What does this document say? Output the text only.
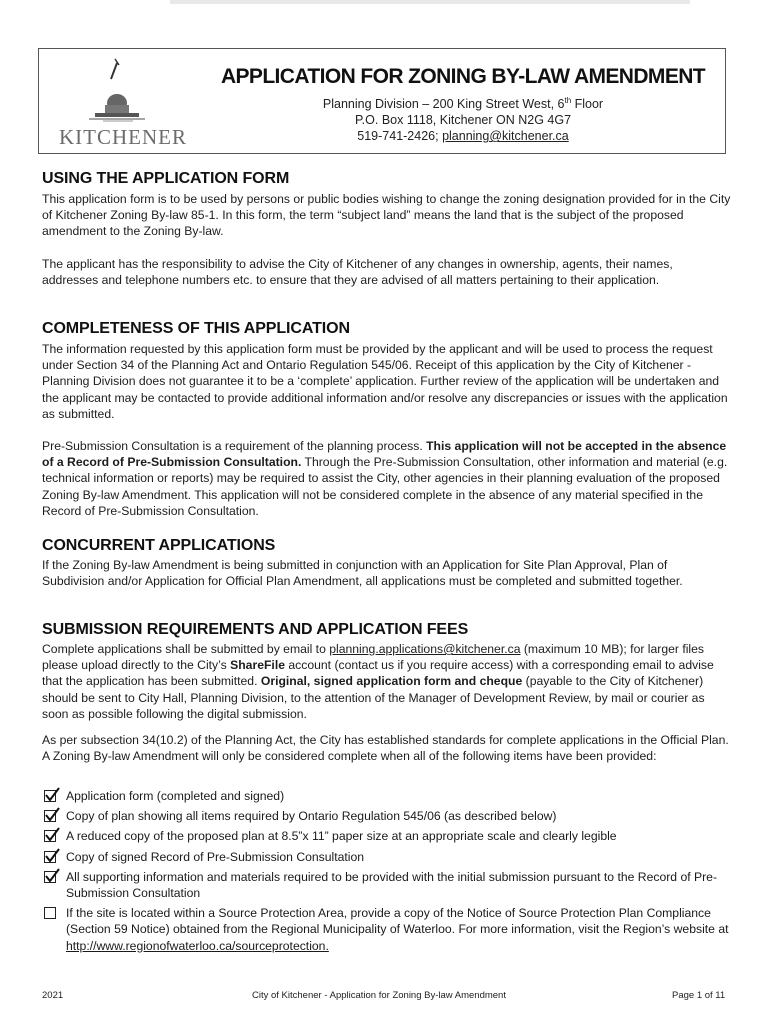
KITCHENER
APPLICATION FOR ZONING BY-LAW AMENDMENT
Planning Division – 200 King Street West, 6th Floor
P.O. Box 1118, Kitchener ON N2G 4G7
519-741-2426; planning@kitchener.ca
USING THE APPLICATION FORM

This application form is to be used by persons or public bodies wishing to change the zoning designation provided for in the City of Kitchener Zoning By-law 85-1. In this form, the term “subject land” means the land that is the subject of the proposed amendment to the Zoning By-law.

The applicant has the responsibility to advise the City of Kitchener of any changes in ownership, agents, their names, addresses and telephone numbers etc. to ensure that they are advised of all matters pertaining to their application.

COMPLETENESS OF THIS APPLICATION

The information requested by this application form must be provided by the applicant and will be used to process the request under Section 34 of the Planning Act and Ontario Regulation 545/06. Receipt of this application by the City of Kitchener - Planning Division does not guarantee it to be a ‘complete’ application. Further review of the application will be undertaken and the applicant may be contacted to provide additional information and/or resolve any discrepancies or issues with the application as submitted.

Pre-Submission Consultation is a requirement of the planning process. This application will not be accepted in the absence of a Record of Pre-Submission Consultation. Through the Pre-Submission Consultation, other information and material (e.g. technical information or reports) may be required to assist the City, other agencies in their planning evaluation of the proposed Zoning By-law Amendment. This application will not be considered complete in the absence of any material specified in the Record of Pre-Submission Consultation.

CONCURRENT APPLICATIONS

If the Zoning By-law Amendment is being submitted in conjunction with an Application for Site Plan Approval, Plan of Subdivision and/or Application for Official Plan Amendment, all applications must be completed and submitted together.

SUBMISSION REQUIREMENTS AND APPLICATION FEES

Complete applications shall be submitted by email to planning.applications@kitchener.ca (maximum 10 MB); for larger files please upload directly to the City’s ShareFile account (contact us if you require access) with a corresponding email to advise that the application has been submitted. Original, signed application form and cheque (payable to the City of Kitchener) should be sent to City Hall, Planning Division, to the attention of the Manager of Development Review, by mail or courier as soon as possible following the digital submission.

As per subsection 34(10.2) of the Planning Act, the City has established standards for complete applications in the Official Plan. A Zoning By-law Amendment will only be considered complete when all of the following items have been provided:

Application form (completed and signed)
Copy of plan showing all items required by Ontario Regulation 545/06 (as described below)
A reduced copy of the proposed plan at 8.5”x 11” paper size at an appropriate scale and clearly legible
Copy of signed Record of Pre-Submission Consultation
All supporting information and materials required to be provided with the initial submission pursuant to the Record of Pre-Submission Consultation
If the site is located within a Source Protection Area, provide a copy of the Notice of Source Protection Plan Compliance (Section 59 Notice) obtained from the Regional Municipality of Waterloo. For more information, visit the Region’s website at http://www.regionofwaterloo.ca/sourceprotection.
2021	City of Kitchener - Application for Zoning By-law Amendment	Page 1 of 11
